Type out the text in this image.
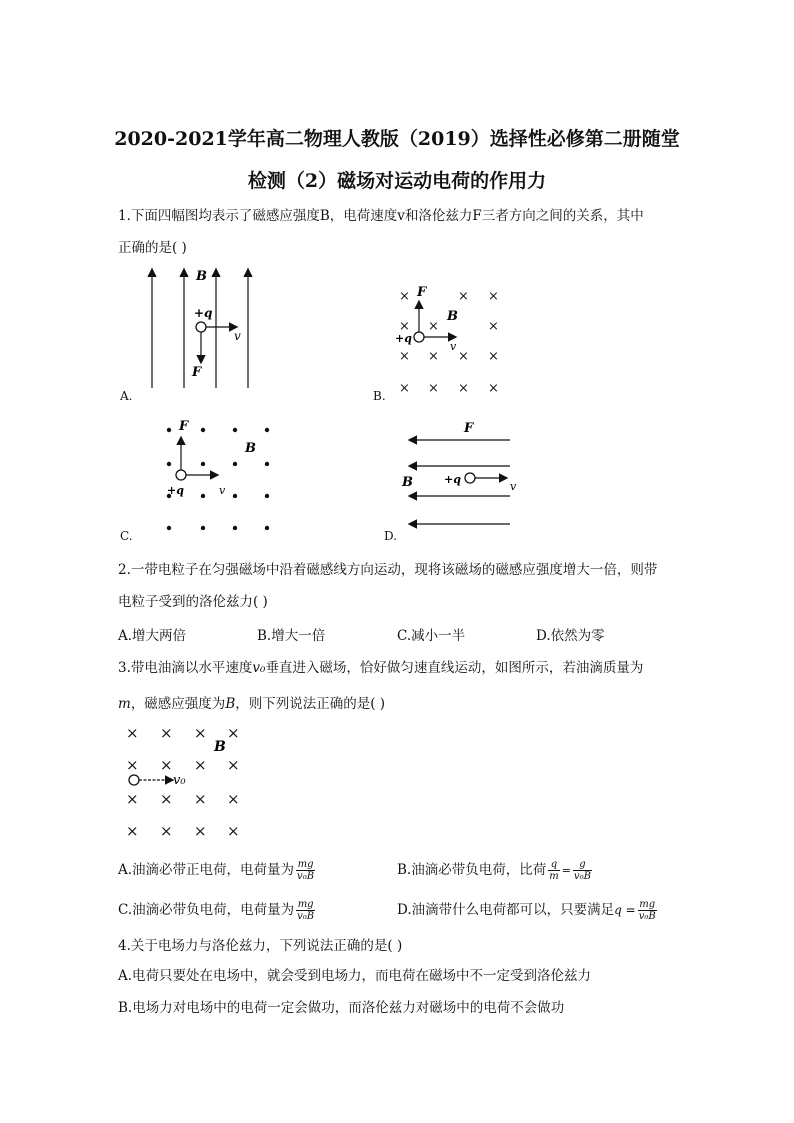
2020-2021学年高二物理人教版（2019）选择性必修第二册随堂
检测（2）磁场对运动电荷的作用力
1.下面四幅图均表示了磁感应强度B，电荷速度v和洛伦兹力F三者方向之间的关系，其中
正确的是( )
B
+q
v
F
A.
×	× ×
× ×	×
× × × ×
× × × ×
F
+q
v
B
B.
F
+q	v
B
C.
F
+q
v
B
D.
2.一带电粒子在匀强磁场中沿着磁感线方向运动，现将该磁场的磁感应强度增大一倍，则带
电粒子受到的洛伦兹力( )
A.增大两倍	B.增大一倍	C.减小一半	D.依然为零
3.带电油滴以水平速度v₀垂直进入磁场，恰好做匀速直线运动，如图所示，若油滴质量为
m，磁感应强度为B，则下列说法正确的是( )
× × × ×
× × × ×
× × × ×
× × × ×
B
v₀
A.油滴必带正电荷，电荷量为 $\frac{mg}{\text{v₀B}}$	B.油滴必带负电荷，比荷 $\frac{q}{m} = \frac{g}{\text{v₀B}}$
C.油滴必带负电荷，电荷量为 $\frac{mg}{\text{v₀B}}$	D.油滴带什么电荷都可以，只要满足$q = \frac{mg}{\text{v₀B}}$
4.关于电场力与洛伦兹力，下列说法正确的是( )
A.电荷只要处在电场中，就会受到电场力，而电荷在磁场中不一定受到洛伦兹力
B.电场力对电场中的电荷一定会做功，而洛伦兹力对磁场中的电荷不会做功
